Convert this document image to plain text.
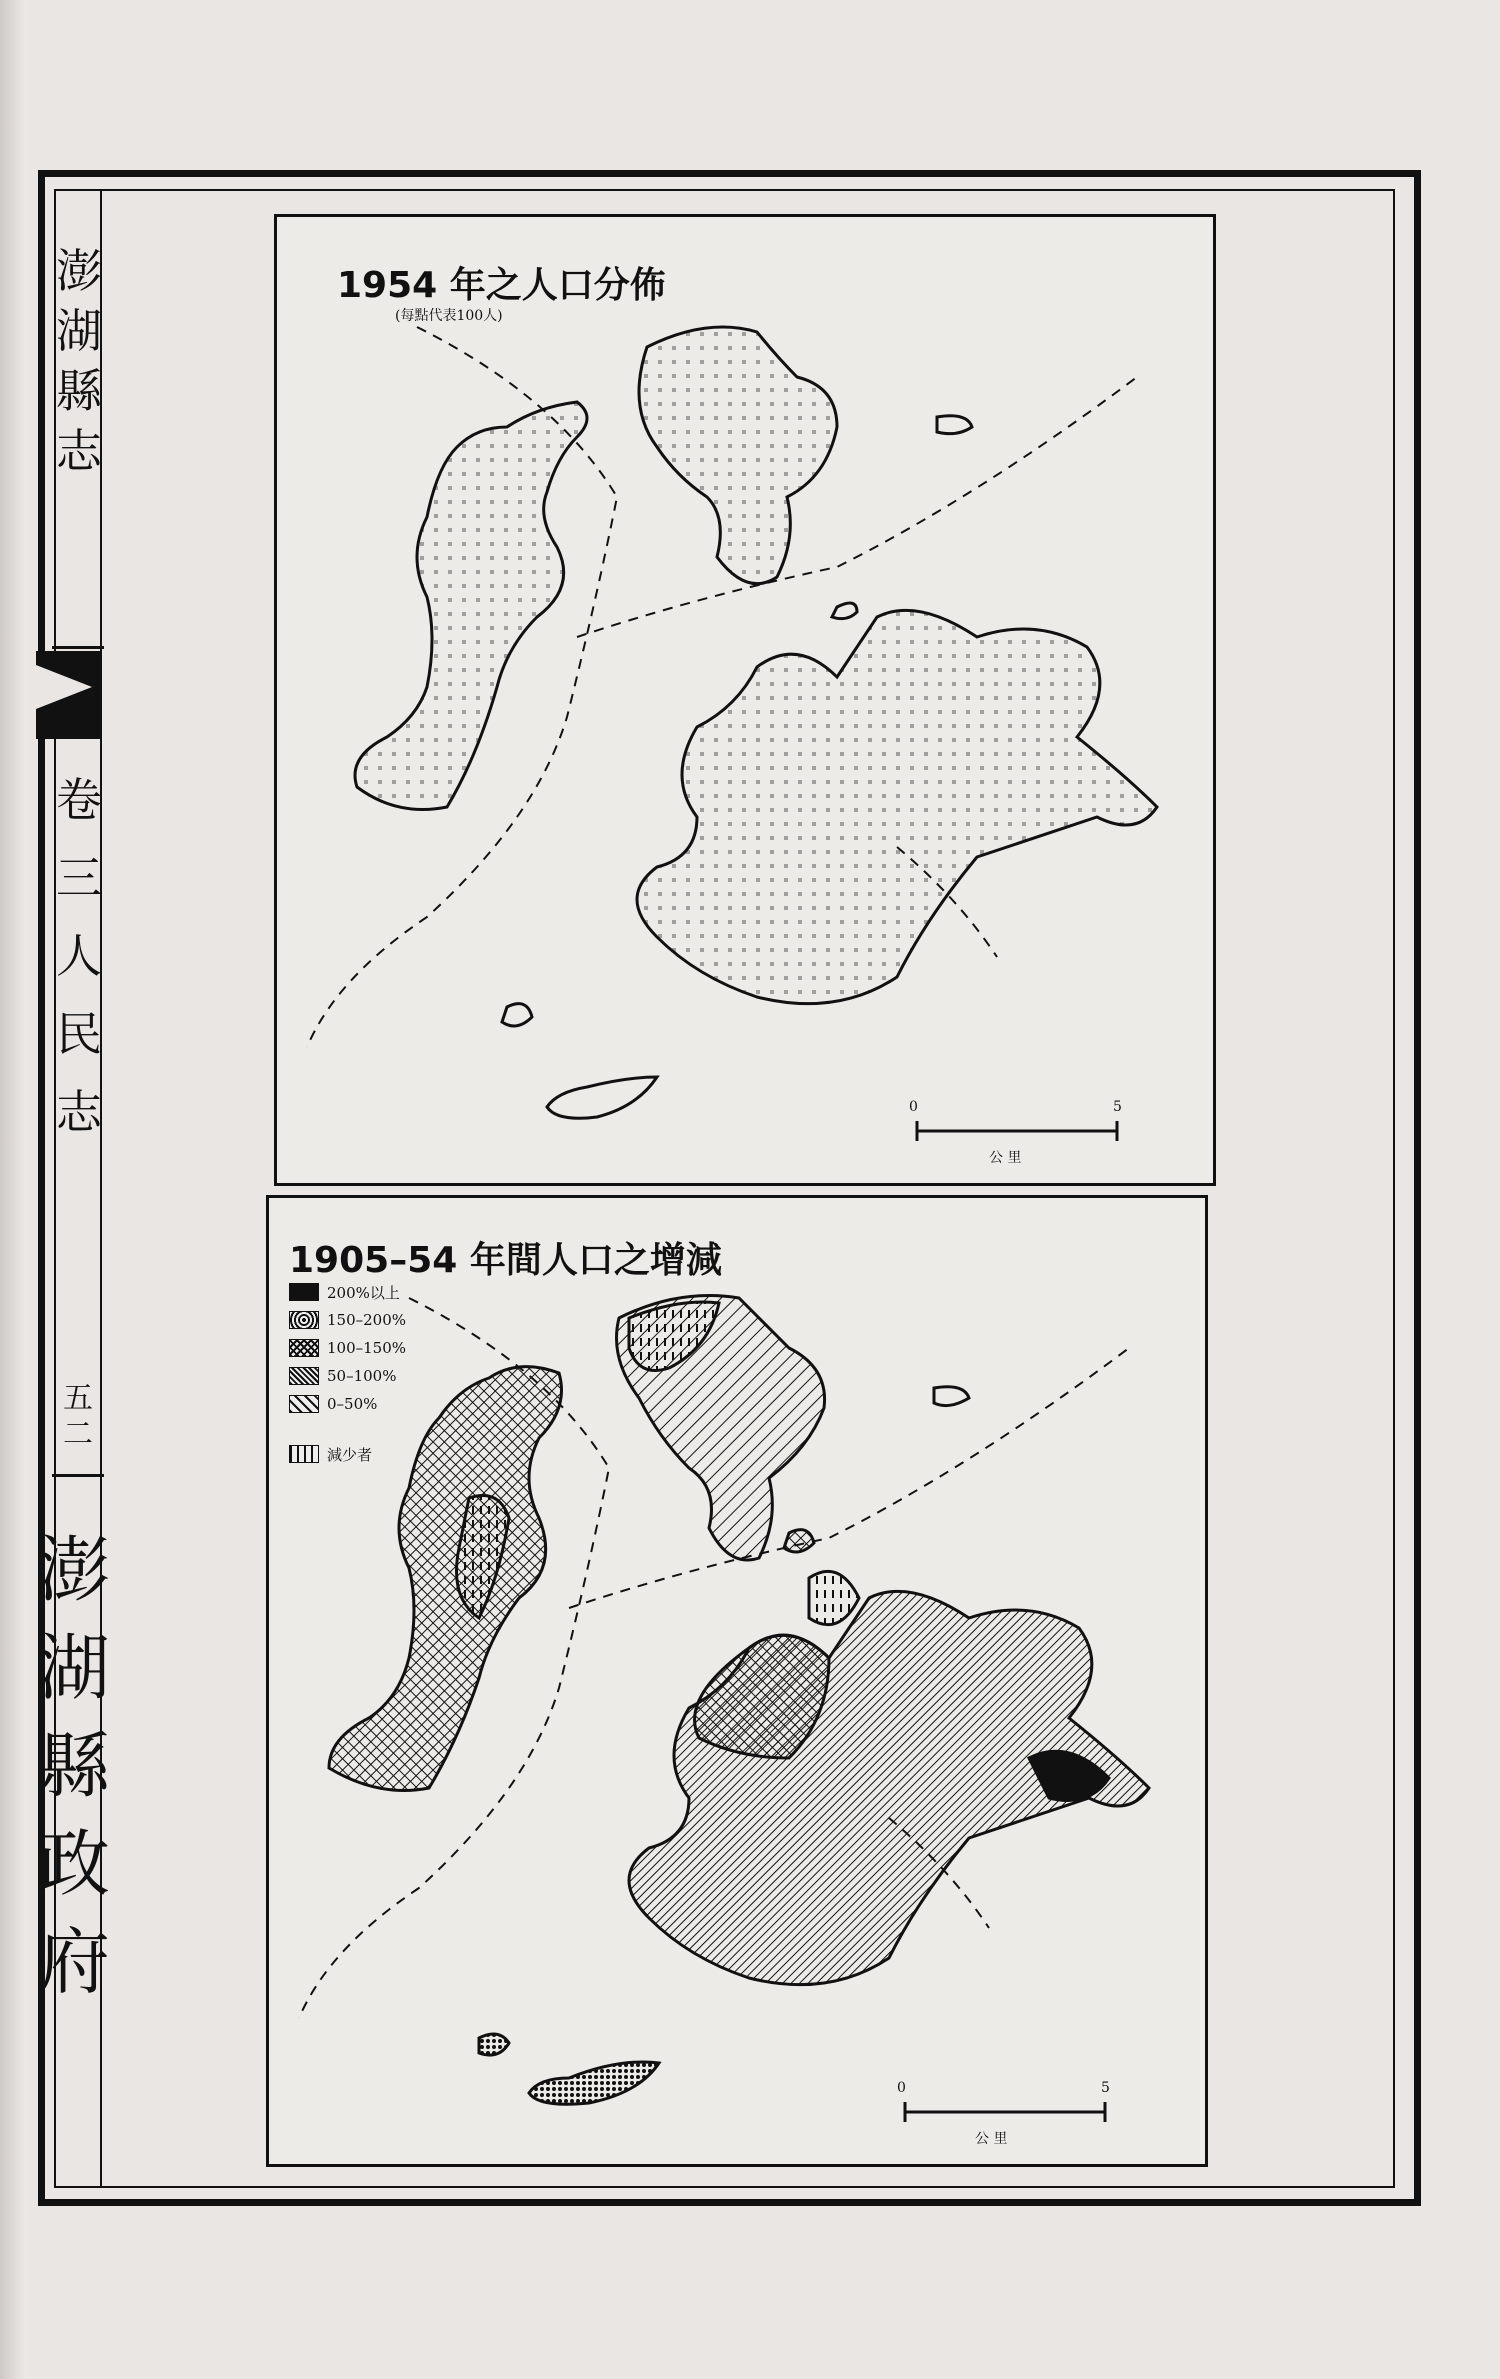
澎
湖
縣
志
卷
三
人
民
志
五
二
澎
湖
縣
政
府
1954 年之人口分佈
(每點代表100人)
0	5
公 里
1905–54 年間人口之增減
200%以上
150–200%
100–150%
50–100%
0–50%
減少者
0	5
公 里
